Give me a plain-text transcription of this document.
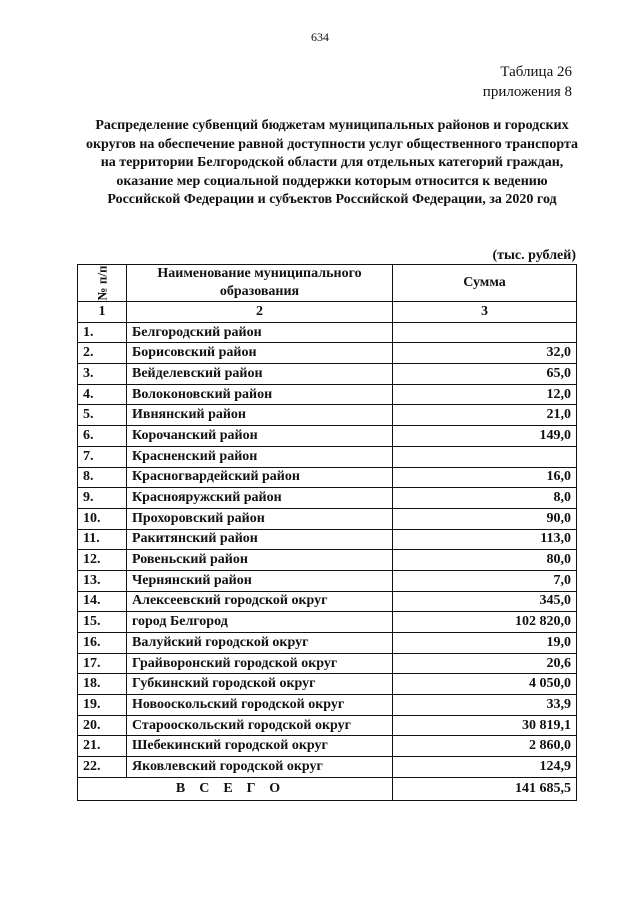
634
Таблица 26
приложения 8
Распределение субвенций бюджетам муниципальных районов и городских округов на обеспечение равной доступности услуг общественного транспорта на территории Белгородской области для отдельных категорий граждан, оказание мер социальной поддержки которым относится к ведению Российской Федерации и субъектов Российской Федерации, за 2020 год
(тыс. рублей)
№ п/п	Наименование муниципального образования	Сумма
1	2	3
1.	Белгородский район	
2.	Борисовский район	32,0
3.	Вейделевский район	65,0
4.	Волоконовский район	12,0
5.	Ивнянский район	21,0
6.	Корочанский район	149,0
7.	Красненский район	
8.	Красногвардейский район	16,0
9.	Краснояружский район	8,0
10.	Прохоровский район	90,0
11.	Ракитянский район	113,0
12.	Ровеньский район	80,0
13.	Чернянский район	7,0
14.	Алексеевский городской округ	345,0
15.	город Белгород	102 820,0
16.	Валуйский городской округ	19,0
17.	Грайворонский городской округ	20,6
18.	Губкинский городской округ	4 050,0
19.	Новооскольский городской округ	33,9
20.	Старооскольский городской округ	30 819,1
21.	Шебекинский городской округ	2 860,0
22.	Яковлевский городской округ	124,9
ВСЕГО		141 685,5
